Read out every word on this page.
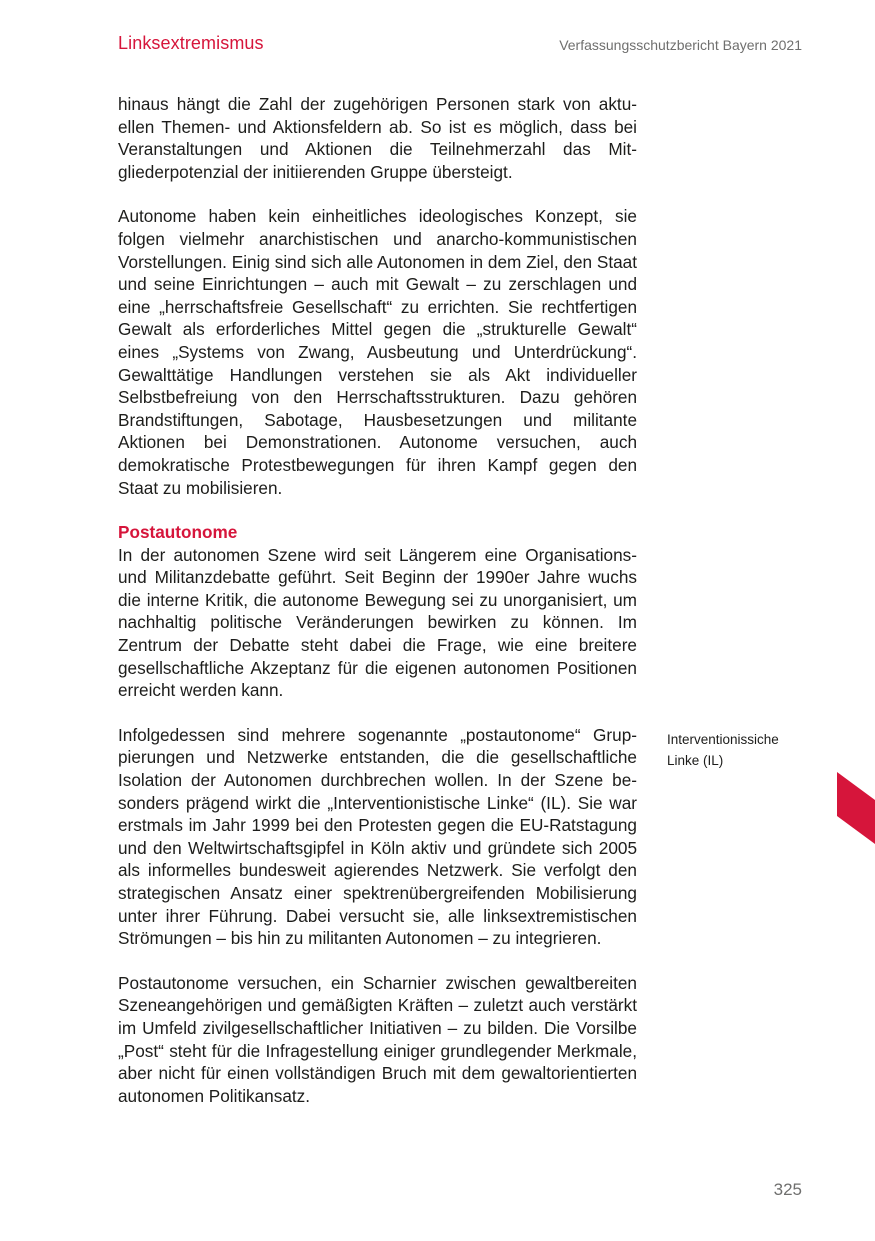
Linksextremismus	Verfassungsschutzbericht Bayern 2021

hinaus hängt die Zahl der zugehörigen Personen stark von aktuellen Themen- und Aktionsfeldern ab. So ist es möglich, dass bei Veranstaltungen und Aktionen die Teilnehmerzahl das Mitgliederpotenzial der initiierenden Gruppe übersteigt.

Autonome haben kein einheitliches ideologisches Konzept, sie folgen vielmehr anarchistischen und anarcho-kommunistischen Vorstellungen. Einig sind sich alle Autonomen in dem Ziel, den Staat und seine Einrichtungen – auch mit Gewalt – zu zerschlagen und eine „herrschaftsfreie Gesellschaft“ zu errichten. Sie rechtfertigen Gewalt als erforderliches Mittel gegen die „strukturelle Gewalt“ eines „Systems von Zwang, Ausbeutung und Unterdrückung“. Gewalttätige Handlungen verstehen sie als Akt individueller Selbstbefreiung von den Herrschaftsstrukturen. Dazu gehören Brandstiftungen, Sabotage, Hausbesetzungen und militante Aktionen bei Demonstrationen. Autonome versuchen, auch demokratische Protestbewegungen für ihren Kampf gegen den Staat zu mobilisieren.

Postautonome

In der autonomen Szene wird seit Längerem eine Organisations- und Militanzdebatte geführt. Seit Beginn der 1990er Jahre wuchs die interne Kritik, die autonome Bewegung sei zu unorganisiert, um nachhaltig politische Veränderungen bewirken zu können. Im Zentrum der Debatte steht dabei die Frage, wie eine breitere gesellschaftliche Akzeptanz für die eigenen autonomen Positionen erreicht werden kann.

Infolgedessen sind mehrere sogenannte „postautonome“ Gruppierungen und Netzwerke entstanden, die die gesellschaftliche Isolation der Autonomen durchbrechen wollen. In der Szene besonders prägend wirkt die „Interventionistische Linke“ (IL). Sie war erstmals im Jahr 1999 bei den Protesten gegen die EU-Ratstagung und den Weltwirtschaftsgipfel in Köln aktiv und gründete sich 2005 als informelles bundesweit agierendes Netzwerk. Sie verfolgt den strategischen Ansatz einer spektrenübergreifenden Mobilisierung unter ihrer Führung. Dabei versucht sie, alle linksextremistischen Strömungen – bis hin zu militanten Autonomen – zu integrieren.

Postautonome versuchen, ein Scharnier zwischen gewaltbereiten Szeneangehörigen und gemäßigten Kräften – zuletzt auch verstärkt im Umfeld zivilgesellschaftlicher Initiativen – zu bilden. Die Vorsilbe „Post“ steht für die Infragestellung einiger grundlegender Merkmale, aber nicht für einen vollständigen Bruch mit dem gewaltorientierten autonomen Politikansatz.

Interventionissiche
Linke (IL)
325
